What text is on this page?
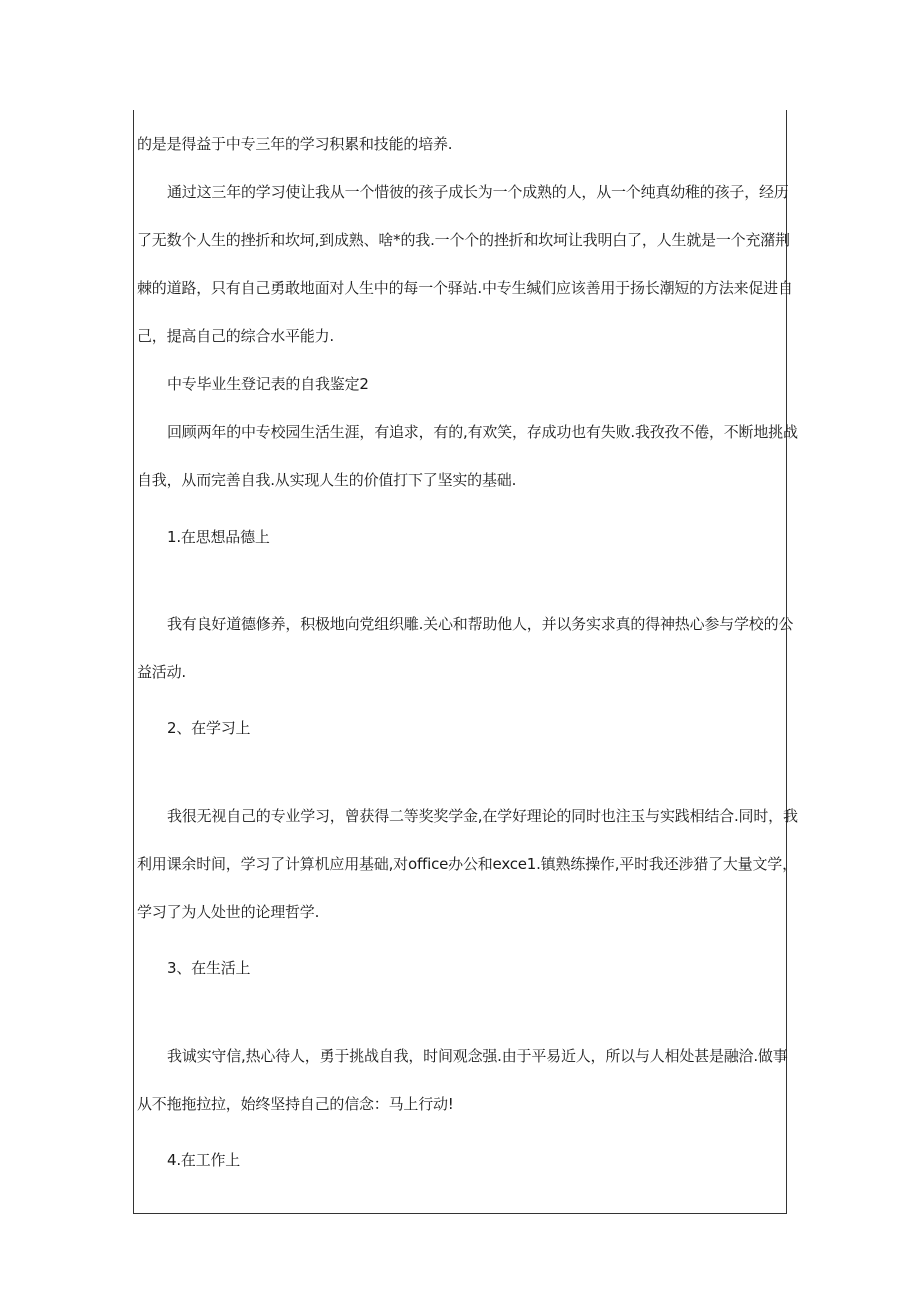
的是是得益于中专三年的学习积累和技能的培养.
通过这三年的学习使让我从一个惜彼的孩子成长为一个成熟的人，从一个纯真幼稚的孩子，经历
了无数个人生的挫折和坎坷,到成熟、啥*的我.一个个的挫折和坎坷让我明白了，人生就是一个充潴荆
棘的道路，只有自己勇敢地面对人生中的每一个驿站.中专生缄们应该善用于扬长潮短的方法来促进自
己，提高自己的综合水平能力.
中专毕业生登记表的自我鉴定2
回顾两年的中专校园生活生涯，有追求，有的,有欢笑，存成功也有失败.我孜孜不倦，不断地挑战
自我，从而完善自我.从实现人生的价值打下了坚实的基础.
1.在思想品德上
我有良好道德修养，积极地向党组织雕.关心和帮助他人，并以务实求真的得神热心参与学校的公
益活动.
2、在学习上
我很无视自己的专业学习，曾获得二等奖奖学金,在学好理论的同时也注玉与实践相结合.同时，我
利用课余时间，学习了计算机应用基础,对office办公和exce1.镇熟练操作,平时我还涉猎了大量文学，
学习了为人处世的论理哲学.
3、在生活上
我诚实守信,热心待人，勇于挑战自我，时间观念强.由于平易近人，所以与人相处甚是融洽.做事
从不拖拖拉拉，始终坚持自己的信念：马上行动!
4.在工作上
